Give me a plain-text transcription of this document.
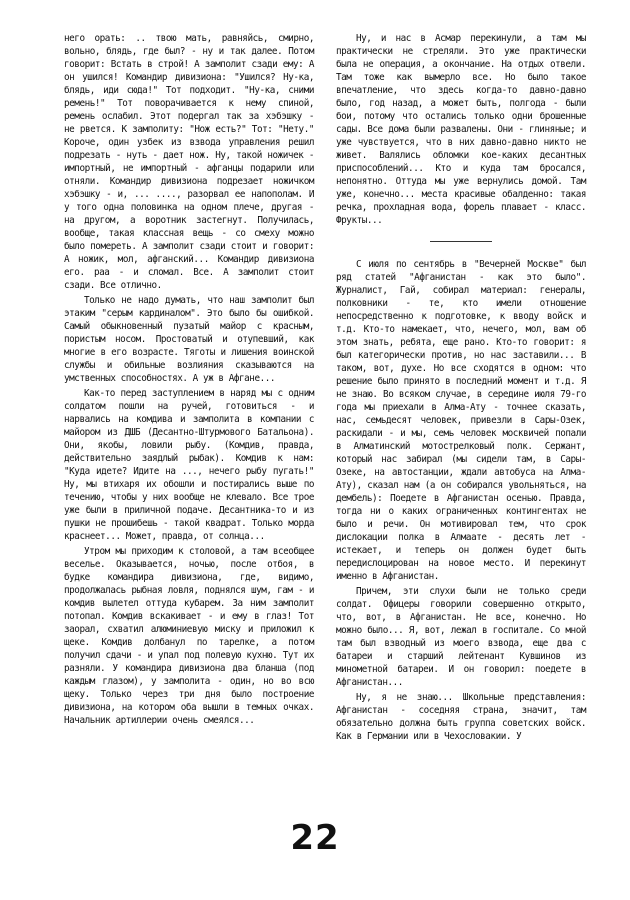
него орать: .. твою мать, равняйсь, смирно, вольно, блядь, где был? - ну и так далее. Потом говорит: Встать в строй! А замполит сзади ему: А он ушился! Командир дивизиона: "Ушился? Ну-ка, блядь, иди сюда!" Тот подходит. "Ну-ка, сними ремень!" Тот поворачивается к нему спиной, ремень ослабил. Этот подергал так за хэбэшку - не рвется. К замполиту: "Нож есть?" Тот: "Нету." Короче, один узбек из взвода управления решил подрезать - нуть - дает нож. Ну, такой ножичек - импортный, не импортный - афганцы подарили или отняли. Командир дивизиона подрезает ножичком хэбэшку - и, ... ...., разорвал ее напополам. И у того одна половинка на одном плече, другая - на другом, а воротник застегнут. Получилась, вообще, такая классная вещь - со смеху можно было помереть. А замполит сзади стоит и говорит: А ножик, мол, афганский... Командир дивизиона его. раа - и сломал. Все. А замполит стоит сзади. Все отлично.

Только не надо думать, что наш замполит был этаким "серым кардиналом". Это было бы ошибкой. Самый обыкновенный пузатый майор с красным, пористым носом. Простоватый и отупевший, как многие в его возрасте. Тяготы и лишения воинской службы и обильные возлияния сказываются на умственных способностях. А уж в Афгане...

Как-то перед заступлением в наряд мы с одним солдатом пошли на ручей, готовиться - и нарвались на комдива и замполита в компании с майором из ДШБ (Десантно-Штурмового Батальона). Они, якобы, ловили рыбу. (Комдив, правда, действительно заядлый рыбак). Комдив к нам: "Куда идете? Идите на ..., нечего рыбу пугать!" Ну, мы втихаря их обошли и постирались выше по течению, чтобы у них вообще не клевало. Все трое уже были в приличной подаче. Десантника-то и из пушки не прошибешь - такой квадрат. Только морда краснеет... Может, правда, от солнца...

Утром мы приходим к столовой, а там всеобщее веселье. Оказывается, ночью, после отбоя, в будке командира дивизиона, где, видимо, продолжалась рыбная ловля, поднялся шум, гам - и комдив вылетел оттуда кубарем. За ним замполит потопал. Комдив вскакивает - и ему в глаз! Тот заорал, схватил алюминиевую миску и приложил к щеке. Комдив долбанул по тарелке, а потом получил сдачи - и упал под полевую кухню. Тут их разняли. У командира дивизиона два бланша (под каждым глазом), у замполита - один, но во всю щеку. Только через три дня было построение дивизиона, на котором оба вышли в темных очках. Начальник артиллерии очень смеялся...

Ну, и нас в Асмар перекинули, а там мы практически не стреляли. Это уже практически была не операция, а окончание. На отдых отвели. Там тоже как вымерло все. Но было такое впечатление, что здесь когда-то давно-давно было, год назад, а может быть, полгода - были бои, потому что остались только одни брошенные сады. Все дома были развалены. Они - глиняные; и уже чувствуется, что в них давно-давно никто не живет. Валялись обломки кое-каких десантных приспособлений... Кто и куда там бросался, непонятно. Оттуда мы уже вернулись домой. Там уже, конечно... места красивые обалденно: такая речка, прохладная вода, форель плавает - класс. Фрукты...

С июля по сентябрь в "Вечерней Москве" был ряд статей "Афганистан - как это было". Журналист, Гай, собирал материал: генералы, полковники - те, кто имели отношение непосредственно к подготовке, к вводу войск и т.д. Кто-то намекает, что, нечего, мол, вам об этом знать, ребята, еще рано. Кто-то говорит: я был категорически против, но нас заставили... В таком, вот, духе. Но все сходятся в одном: что решение было принято в последний момент и т.д. Я не знаю. Во всяком случае, в середине июля 79-го года мы приехали в Алма-Ату - точнее сказать, нас, семьдесят человек, привезли в Сары-Озек, раскидали - и мы, семь человек москвичей попали в Алматинский мотострелковый полк. Сержант, который нас забирал (мы сидели там, в Сары-Озеке, на автостанции, ждали автобуса на Алма-Ату), сказал нам (а он собирался увольняться, на дембель): Поедете в Афганистан осенью. Правда, тогда ни о каких ограниченных контингентах не было и речи. Он мотивировал тем, что срок дислокации полка в Алмаате - десять лет - истекает, и теперь он должен будет быть передислоцирован на новое место. И перекинут именно в Афганистан.

Причем, эти слухи были не только среди солдат. Офицеры говорили совершенно открыто, что, вот, в Афганистан. Не все, конечно. Но можно было... Я, вот, лежал в госпитале. Со мной там был взводный из моего взвода, еще два с батареи и старший лейтенант Кувшинов из минометной батареи. И он говорил: поедете в Афганистан...

Ну, я не знаю... Школьные представления: Афганистан - соседняя страна, значит, там обязательно должна быть группа советских войск. Как в Германии или в Чехословакии. У

22
